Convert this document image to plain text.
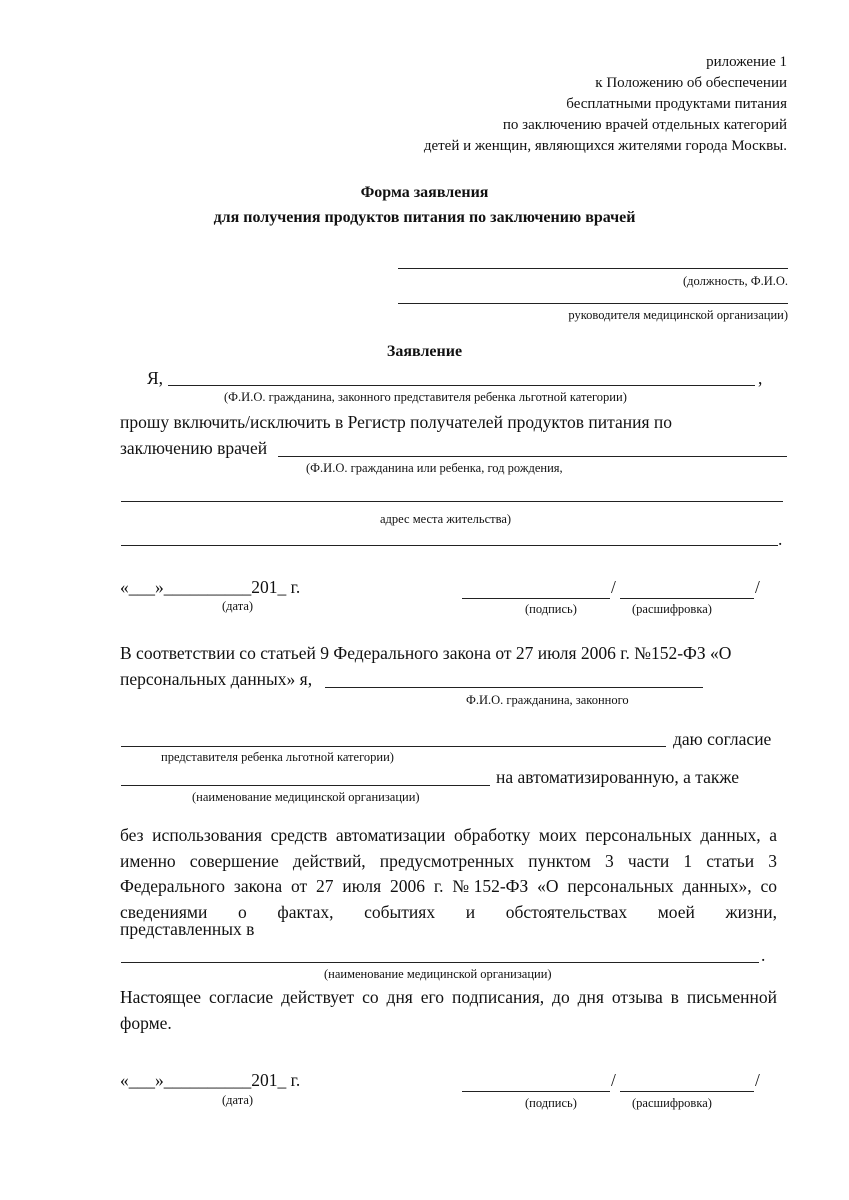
риложение 1
к Положению об обеспечении
бесплатными продуктами питания
по заключению врачей отдельных категорий
детей и женщин, являющихся жителями города Москвы.
Форма заявления
для получения продуктов питания по заключению врачей
(должность, Ф.И.О.
руководителя медицинской организации)
Заявление
Я,	,
(Ф.И.О. гражданина, законного представителя ребенка льготной категории)
прошу включить/исключить в Регистр получателей продуктов питания по
заключению врачей
(Ф.И.О. гражданина или ребенка, год рождения,
адрес места жительства)
.
«___»__________201_ г.
(дата)
/	/
(подпись)	(расшифровка)
В соответствии со статьей 9 Федерального закона от 27 июля 2006 г. №152-ФЗ «О
персональных данных» я,
Ф.И.О. гражданина, законного
даю согласие
представителя ребенка льготной категории)
на автоматизированную, а также
(наименование медицинской организации)
без использования средств автоматизации обработку моих персональных данных, а
именно совершение действий, предусмотренных пунктом 3 части 1 статьи 3
Федерального закона от 27 июля 2006 г. №152-ФЗ «О персональных данных», со
сведениями о фактах, событиях и обстоятельствах моей жизни,
представленных в
.
(наименование медицинской организации)
Настоящее согласие действует со дня его подписания, до дня отзыва в письменной
форме.
«___»__________201_ г.
(дата)
/	/
(подпись)	(расшифровка)
